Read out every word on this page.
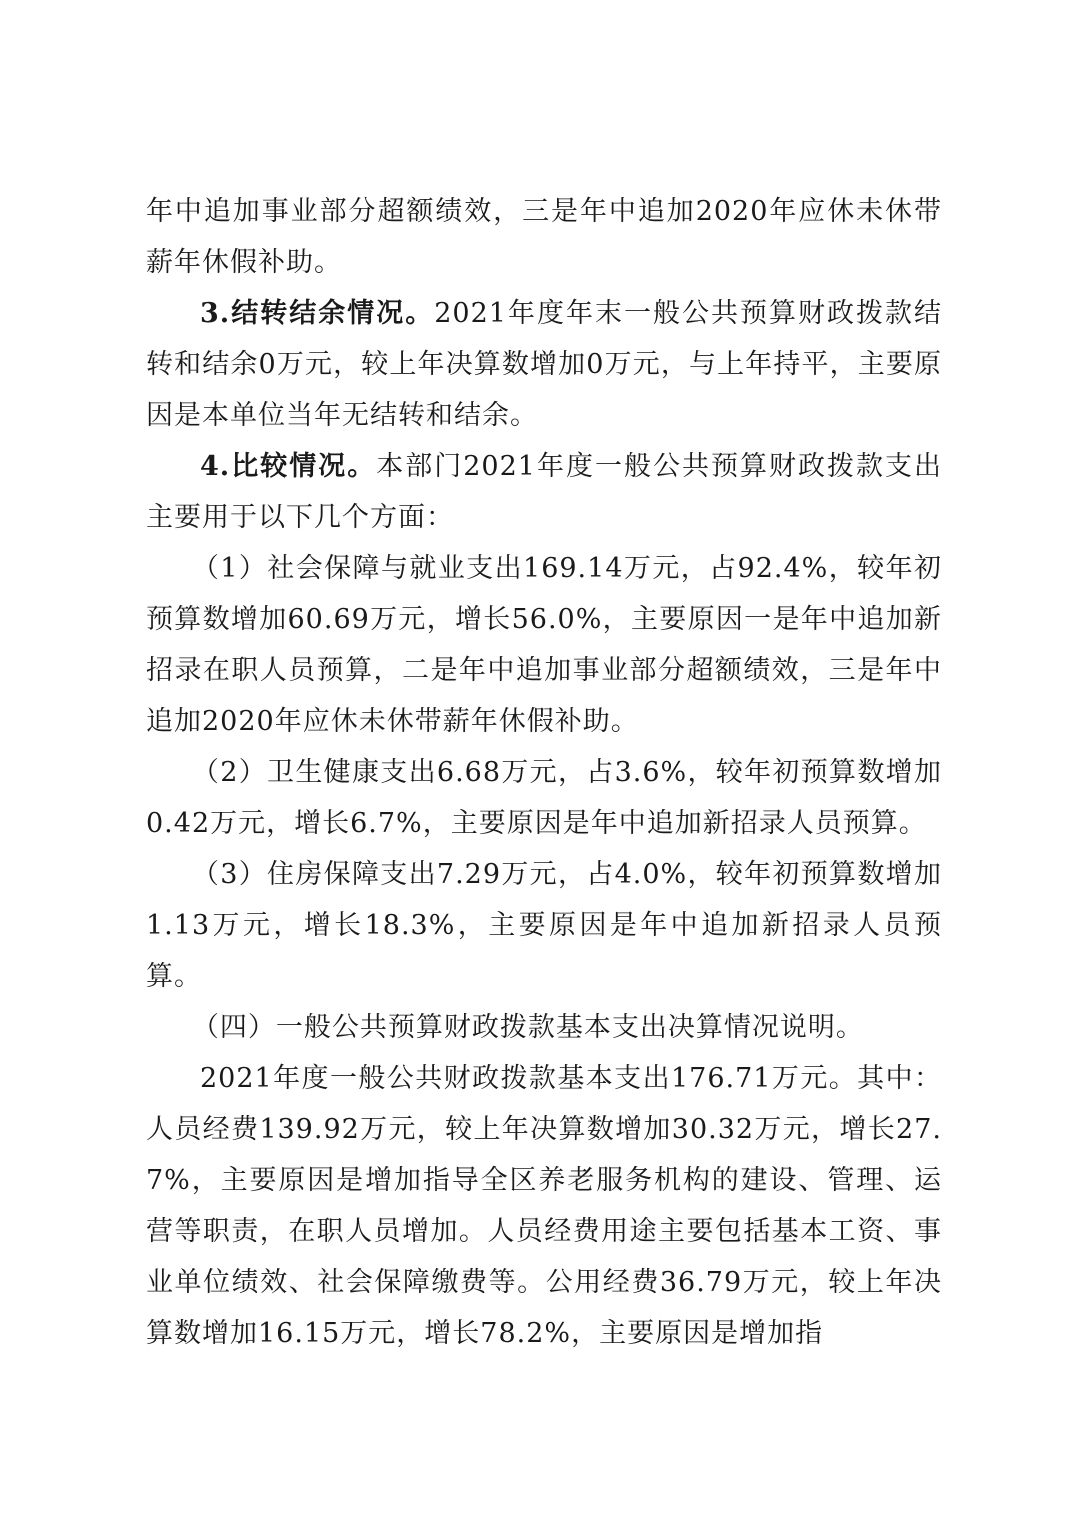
年中追加事业部分超额绩效，三是年中追加2020年应休未休带薪年休假补助。

3.结转结余情况。2021年度年末一般公共预算财政拨款结转和结余0万元，较上年决算数增加0万元，与上年持平，主要原因是本单位当年无结转和结余。

4.比较情况。本部门2021年度一般公共预算财政拨款支出主要用于以下几个方面：

（1）社会保障与就业支出169.14万元，占92.4%，较年初预算数增加60.69万元，增长56.0%，主要原因一是年中追加新招录在职人员预算，二是年中追加事业部分超额绩效，三是年中追加2020年应休未休带薪年休假补助。

（2）卫生健康支出6.68万元，占3.6%，较年初预算数增加0.42万元，增长6.7%，主要原因是年中追加新招录人员预算。

（3）住房保障支出7.29万元，占4.0%，较年初预算数增加1.13万元，增长18.3%，主要原因是年中追加新招录人员预算。

（四）一般公共预算财政拨款基本支出决算情况说明。

2021年度一般公共财政拨款基本支出176.71万元。其中：人员经费139.92万元，较上年决算数增加30.32万元，增长27.7%，主要原因是增加指导全区养老服务机构的建设、管理、运营等职责，在职人员增加。人员经费用途主要包括基本工资、事业单位绩效、社会保障缴费等。公用经费36.79万元，较上年决算数增加16.15万元，增长78.2%，主要原因是增加指
